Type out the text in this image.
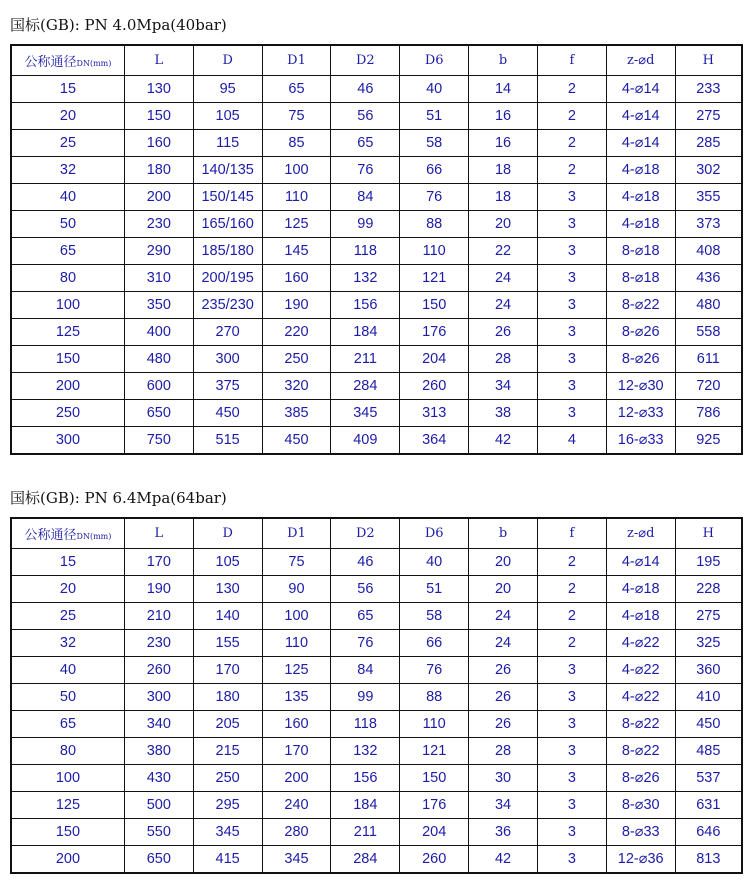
国标(GB): PN 4.0Mpa(40bar)
公称通径DN(mm)	L	D	D1	D2	D6	b	f	z-⌀d	H
15	130	95	65	46	40	14	2	4-⌀14	233
20	150	105	75	56	51	16	2	4-⌀14	275
25	160	115	85	65	58	16	2	4-⌀14	285
32	180	140/135	100	76	66	18	2	4-⌀18	302
40	200	150/145	110	84	76	18	3	4-⌀18	355
50	230	165/160	125	99	88	20	3	4-⌀18	373
65	290	185/180	145	118	110	22	3	8-⌀18	408
80	310	200/195	160	132	121	24	3	8-⌀18	436
100	350	235/230	190	156	150	24	3	8-⌀22	480
125	400	270	220	184	176	26	3	8-⌀26	558
150	480	300	250	211	204	28	3	8-⌀26	611
200	600	375	320	284	260	34	3	12-⌀30	720
250	650	450	385	345	313	38	3	12-⌀33	786
300	750	515	450	409	364	42	4	16-⌀33	925
国标(GB): PN 6.4Mpa(64bar)
公称通径DN(mm)	L	D	D1	D2	D6	b	f	z-⌀d	H
15	170	105	75	46	40	20	2	4-⌀14	195
20	190	130	90	56	51	20	2	4-⌀18	228
25	210	140	100	65	58	24	2	4-⌀18	275
32	230	155	110	76	66	24	2	4-⌀22	325
40	260	170	125	84	76	26	3	4-⌀22	360
50	300	180	135	99	88	26	3	4-⌀22	410
65	340	205	160	118	110	26	3	8-⌀22	450
80	380	215	170	132	121	28	3	8-⌀22	485
100	430	250	200	156	150	30	3	8-⌀26	537
125	500	295	240	184	176	34	3	8-⌀30	631
150	550	345	280	211	204	36	3	8-⌀33	646
200	650	415	345	284	260	42	3	12-⌀36	813
